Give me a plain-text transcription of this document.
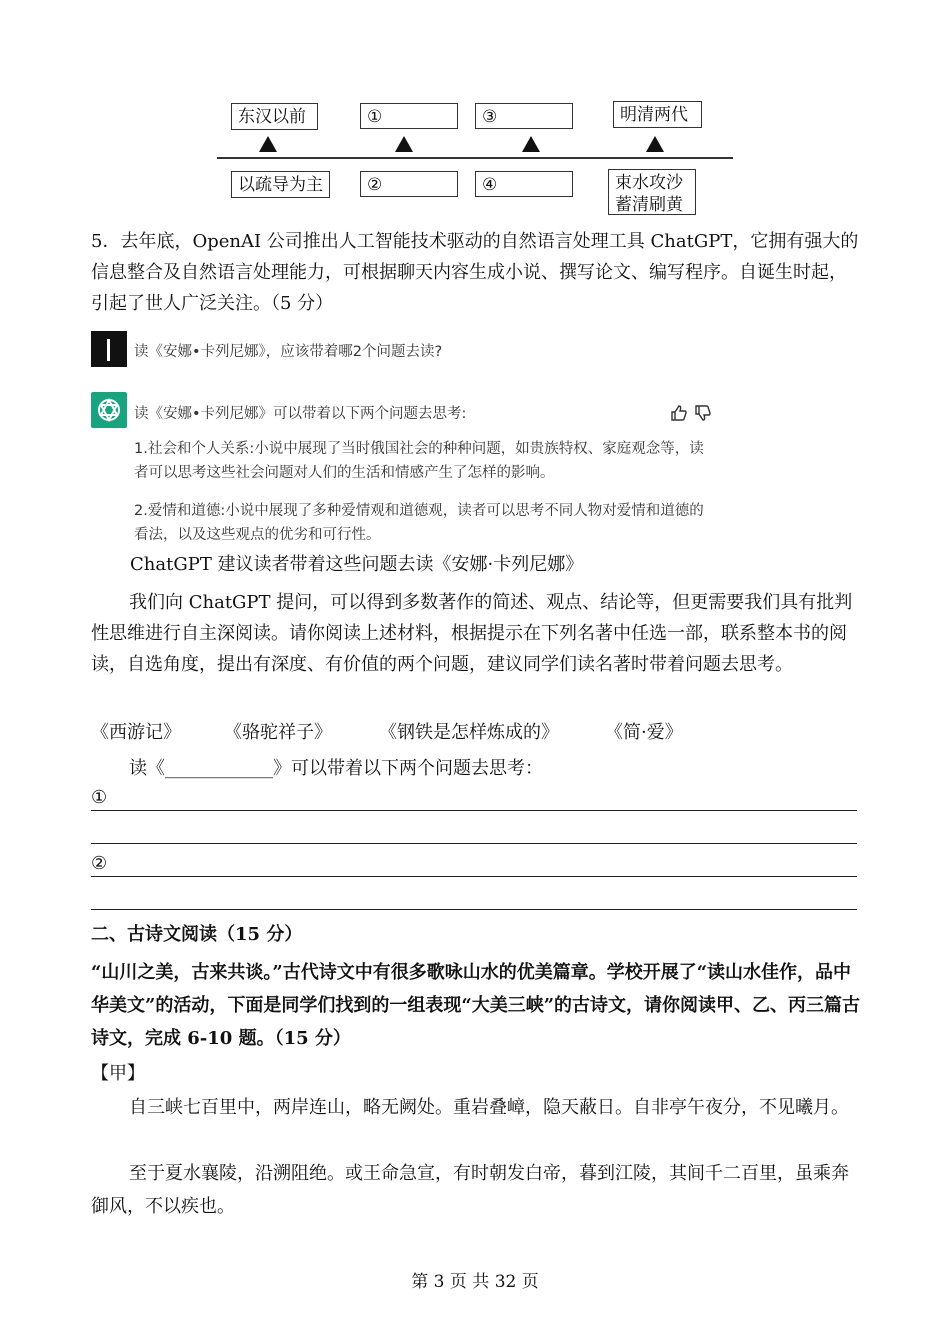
东汉以前	①	③	明清两代
以疏导为主	②	④	束水攻沙
蓄清刷黄
5．去年底，OpenAI 公司推出人工智能技术驱动的自然语言处理工具 ChatGPT，它拥有强大的信息整合及自然语言处理能力，可根据聊天内容生成小说、撰写论文、编写程序。自诞生时起，引起了世人广泛关注。（5 分）
读《安娜•卡列尼娜》，应该带着哪2个问题去读?
读《安娜•卡列尼娜》可以带着以下两个问题去思考:
1.社会和个人关系:小说中展现了当时俄国社会的种种问题，如贵族特权、家庭观念等，读者可以思考这些社会问题对人们的生活和情感产生了怎样的影响。
2.爱情和道德:小说中展现了多种爱情观和道德观，读者可以思考不同人物对爱情和道德的看法，以及这些观点的优劣和可行性。
ChatGPT 建议读者带着这些问题去读《安娜·卡列尼娜》
我们向 ChatGPT 提问，可以得到多数著作的简述、观点、结论等，但更需要我们具有批判性思维进行自主深阅读。请你阅读上述材料，根据提示在下列名著中任选一部，联系整本书的阅读，自选角度，提出有深度、有价值的两个问题，建议同学们读名著时带着问题去思考。
《西游记》 《骆驼祥子》	《钢铁是怎样炼成的》	《简·爱》
读《____________》可以带着以下两个问题去思考：
①
②
二、古诗文阅读（15 分）
“山川之美，古来共谈。”古代诗文中有很多歌咏山水的优美篇章。学校开展了“读山水佳作，品中华美文”的活动，下面是同学们找到的一组表现“大美三峡”的古诗文，请你阅读甲、乙、丙三篇古诗文，完成 6-10 题。（15 分）
【甲】
自三峡七百里中，两岸连山，略无阙处。重岩叠嶂，隐天蔽日。自非亭午夜分，不见曦月。
至于夏水襄陵，沿溯阻绝。或王命急宣，有时朝发白帝，暮到江陵，其间千二百里，虽乘奔御风，不以疾也。
第 3 页 共 32 页
